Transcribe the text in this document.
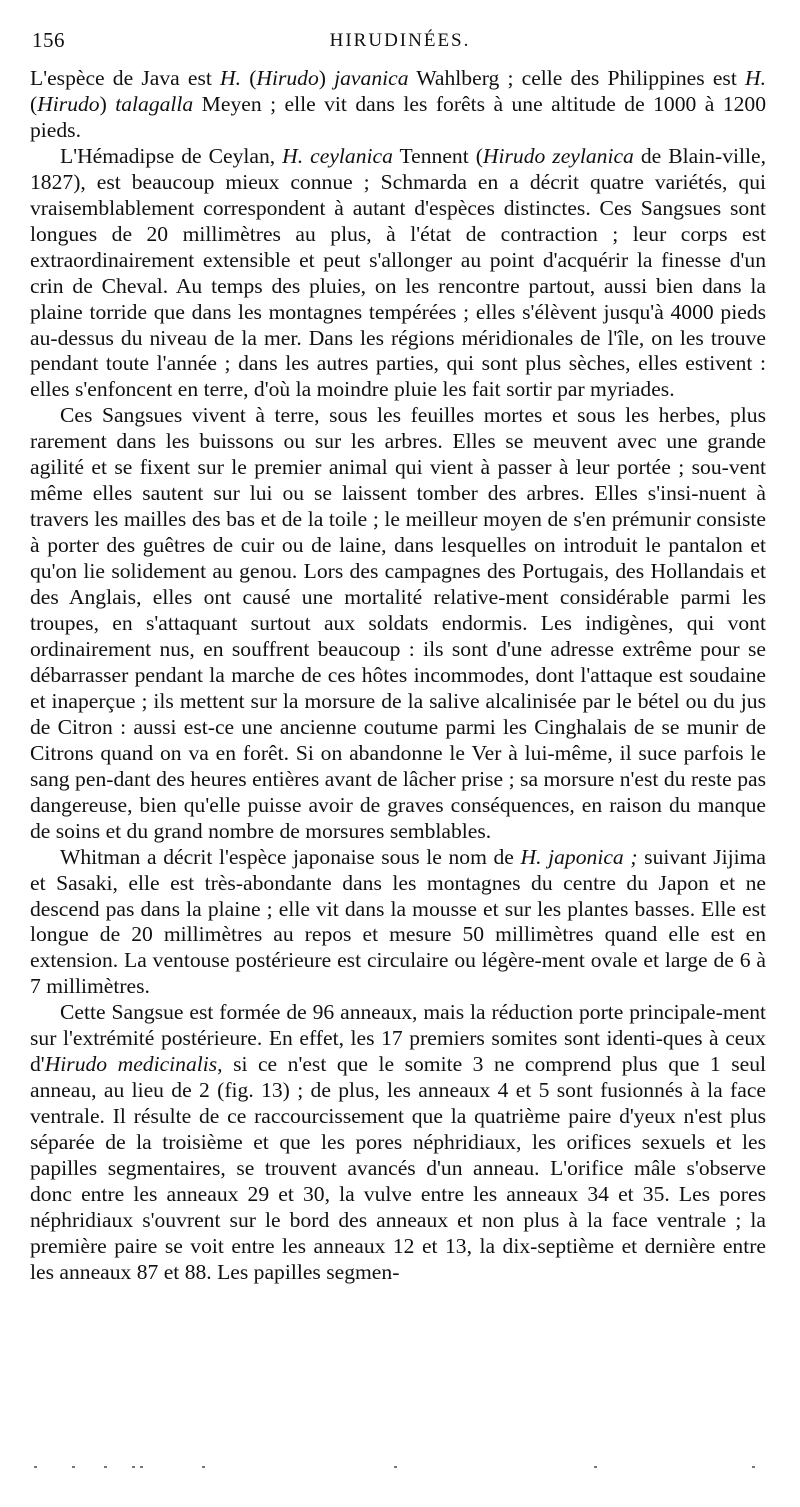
156	HIRUDINÉES.

L'espèce de Java est H. (Hirudo) javanica Wahlberg ; celle des Philippines est H. (Hirudo) talagalla Meyen ; elle vit dans les forêts à une altitude de 1000 à 1200 pieds.

L'Hémadipse de Ceylan, H. ceylanica Tennent (Hirudo zeylanica de Blain-ville, 1827), est beaucoup mieux connue ; Schmarda en a décrit quatre variétés, qui vraisemblablement correspondent à autant d'espèces distinctes. Ces Sangsues sont longues de 20 millimètres au plus, à l'état de contraction ; leur corps est extraordinairement extensible et peut s'allonger au point d'acquérir la finesse d'un crin de Cheval. Au temps des pluies, on les rencontre partout, aussi bien dans la plaine torride que dans les montagnes tempérées ; elles s'élèvent jusqu'à 4000 pieds au-dessus du niveau de la mer. Dans les régions méridionales de l'île, on les trouve pendant toute l'année ; dans les autres parties, qui sont plus sèches, elles estivent : elles s'enfoncent en terre, d'où la moindre pluie les fait sortir par myriades.

Ces Sangsues vivent à terre, sous les feuilles mortes et sous les herbes, plus rarement dans les buissons ou sur les arbres. Elles se meuvent avec une grande agilité et se fixent sur le premier animal qui vient à passer à leur portée ; sou-vent même elles sautent sur lui ou se laissent tomber des arbres. Elles s'insi-nuent à travers les mailles des bas et de la toile ; le meilleur moyen de s'en prémunir consiste à porter des guêtres de cuir ou de laine, dans lesquelles on introduit le pantalon et qu'on lie solidement au genou. Lors des campagnes des Portugais, des Hollandais et des Anglais, elles ont causé une mortalité relative-ment considérable parmi les troupes, en s'attaquant surtout aux soldats endormis. Les indigènes, qui vont ordinairement nus, en souffrent beaucoup : ils sont d'une adresse extrême pour se débarrasser pendant la marche de ces hôtes incommodes, dont l'attaque est soudaine et inaperçue ; ils mettent sur la morsure de la salive alcalinisée par le bétel ou du jus de Citron : aussi est-ce une ancienne coutume parmi les Cinghalais de se munir de Citrons quand on va en forêt. Si on abandonne le Ver à lui-même, il suce parfois le sang pen-dant des heures entières avant de lâcher prise ; sa morsure n'est du reste pas dangereuse, bien qu'elle puisse avoir de graves conséquences, en raison du manque de soins et du grand nombre de morsures semblables.

Whitman a décrit l'espèce japonaise sous le nom de H. japonica ; suivant Jijima et Sasaki, elle est très-abondante dans les montagnes du centre du Japon et ne descend pas dans la plaine ; elle vit dans la mousse et sur les plantes basses. Elle est longue de 20 millimètres au repos et mesure 50 millimètres quand elle est en extension. La ventouse postérieure est circulaire ou légère-ment ovale et large de 6 à 7 millimètres.

Cette Sangsue est formée de 96 anneaux, mais la réduction porte principale-ment sur l'extrémité postérieure. En effet, les 17 premiers somites sont identi-ques à ceux d'Hirudo medicinalis, si ce n'est que le somite 3 ne comprend plus que 1 seul anneau, au lieu de 2 (fig. 13) ; de plus, les anneaux 4 et 5 sont fusionnés à la face ventrale. Il résulte de ce raccourcissement que la quatrième paire d'yeux n'est plus séparée de la troisième et que les pores néphridiaux, les orifices sexuels et les papilles segmentaires, se trouvent avancés d'un anneau. L'orifice mâle s'observe donc entre les anneaux 29 et 30, la vulve entre les anneaux 34 et 35. Les pores néphridiaux s'ouvrent sur le bord des anneaux et non plus à la face ventrale ; la première paire se voit entre les anneaux 12 et 13, la dix-septième et dernière entre les anneaux 87 et 88. Les papilles segmen-
